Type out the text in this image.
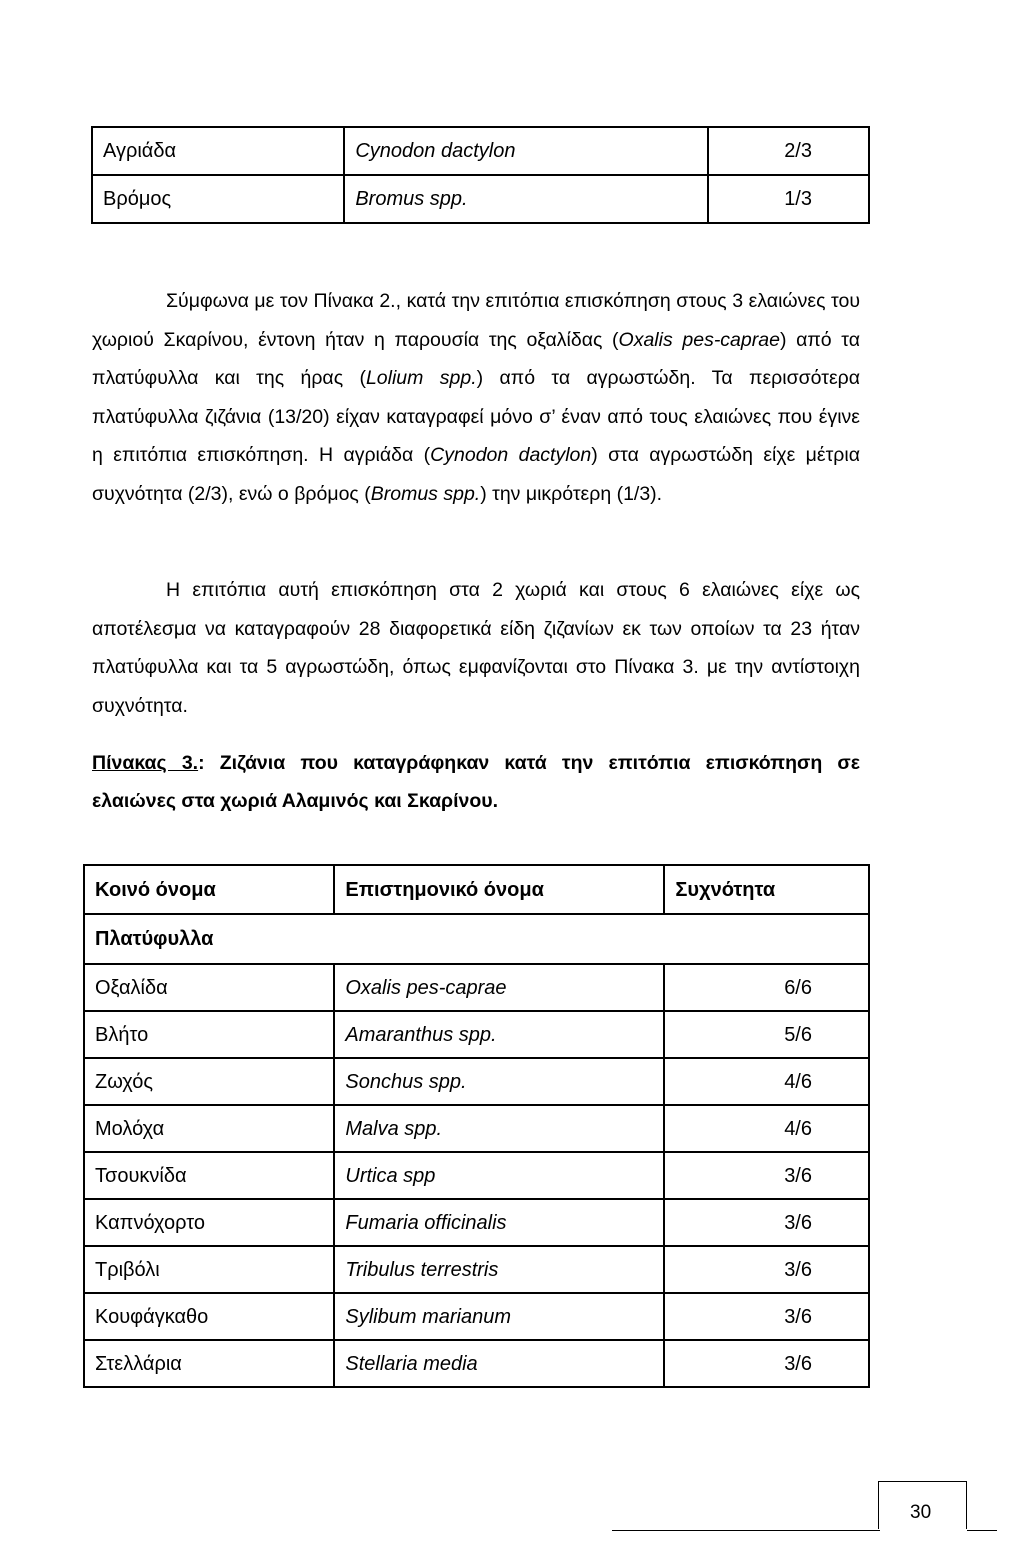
Αγριάδα	Cynodon dactylon	2/3
Βρόμος	Bromus spp.	1/3

Σύμφωνα με τον Πίνακα 2., κατά την επιτόπια επισκόπηση στους 3 ελαιώνες του χωριού Σκαρίνου, έντονη ήταν η παρουσία της οξαλίδας (Oxalis pes-caprae) από τα πλατύφυλλα και της ήρας (Lolium spp.) από τα αγρωστώδη. Τα περισσότερα πλατύφυλλα ζιζάνια (13/20) είχαν καταγραφεί μόνο σ’ έναν από τους ελαιώνες που έγινε η επιτόπια επισκόπηση. Η αγριάδα (Cynodon dactylon) στα αγρωστώδη είχε μέτρια συχνότητα (2/3), ενώ ο βρόμος (Bromus spp.) την μικρότερη (1/3).

Η επιτόπια αυτή επισκόπηση στα 2 χωριά και στους 6 ελαιώνες είχε ως αποτέλεσμα να καταγραφούν 28 διαφορετικά είδη ζιζανίων εκ των οποίων τα 23 ήταν πλατύφυλλα και τα 5 αγρωστώδη, όπως εμφανίζονται στο Πίνακα 3. με την αντίστοιχη συχνότητα.

Πίνακας 3.: Ζιζάνια που καταγράφηκαν κατά την επιτόπια επισκόπηση σε ελαιώνες στα χωριά Αλαμινός και Σκαρίνου.

Κοινό όνομα	Επιστημονικό όνομα	Συχνότητα
Πλατύφυλλα		
Οξαλίδα	Oxalis pes-caprae	6/6
Βλήτο	Amaranthus spp.	5/6
Ζωχός	Sonchus spp.	4/6
Μολόχα	Malva spp.	4/6
Τσουκνίδα	Urtica spp	3/6
Καπνόχορτο	Fumaria officinalis	3/6
Τριβόλι	Tribulus terrestris	3/6
Κουφάγκαθο	Sylibum marianum	3/6
Στελλάρια	Stellaria media	3/6
30
